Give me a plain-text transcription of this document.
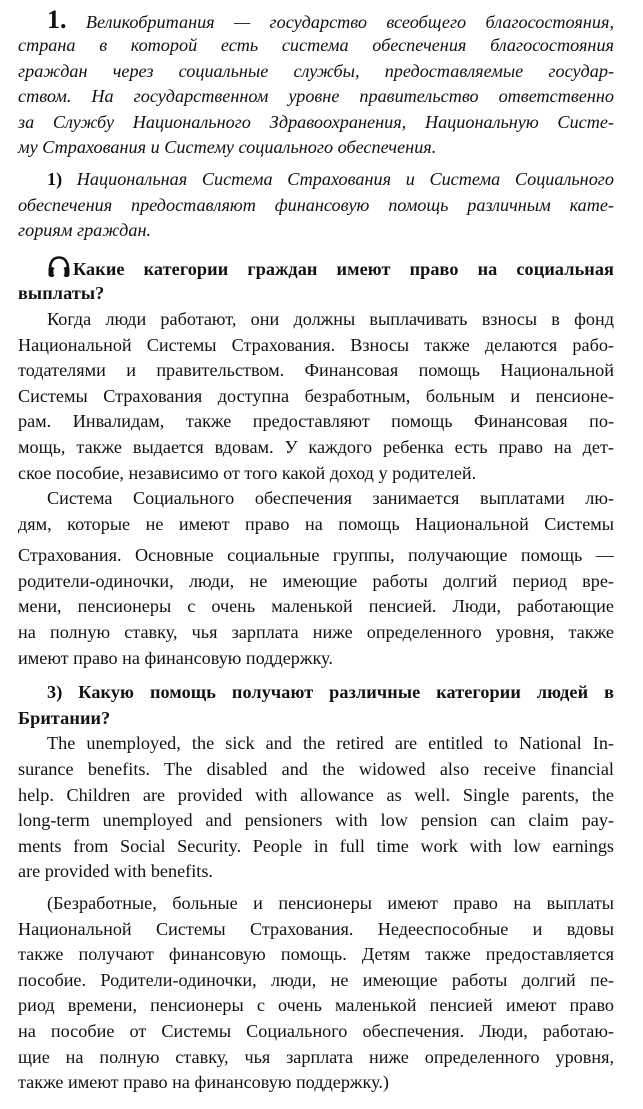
1. Великобритания — государство всеобщего благосостояния,
страна в которой есть система обеспечения благосостояния
граждан через социальные службы, предоставляемые государ-
ством. На государственном уровне правительство ответственно
за Службу Национального Здравоохранения, Национальную Систе-
му Страхования и Систему социального обеспечения.
1) Национальная Система Страхования и Система Социального
обеспечения предоставляют финансовую помощь различным кате-
гориям граждан.
Какие категории граждан имеют право на социальная
выплаты?
Когда люди работают, они должны выплачивать взносы в фонд
Национальной Системы Страхования. Взносы также делаются рабо-
тодателями и правительством. Финансовая помощь Национальной
Системы Страхования доступна безработным, больным и пенсионе-
рам. Инвалидам, также предоставляют помощь Финансовая по-
мощь, также выдается вдовам. У каждого ребенка есть право на дет-
ское пособие, независимо от того какой доход у родителей.
Система Социального обеспечения занимается выплатами лю-
дям, которые не имеют право на помощь Национальной Системы
Страхования. Основные социальные группы, получающие помощь —
родители-одиночки, люди, не имеющие работы долгий период вре-
мени, пенсионеры с очень маленькой пенсией. Люди, работающие
на полную ставку, чья зарплата ниже определенного уровня, также
имеют право на финансовую поддержку.
3) Какую помощь получают различные категории людей в
Британии?
The unemployed, the sick and the retired are entitled to National In-
surance benefits. The disabled and the widowed also receive financial
help. Children are provided with allowance as well. Single parents, the
long-term unemployed and pensioners with low pension can claim pay-
ments from Social Security. People in full time work with low earnings
are provided with benefits.
(Безработные, больные и пенсионеры имеют право на выплаты
Национальной Системы Страхования. Недееспособные и вдовы
также получают финансовую помощь. Детям также предоставляется
пособие. Родители-одиночки, люди, не имеющие работы долгий пе-
риод времени, пенсионеры с очень маленькой пенсией имеют право
на пособие от Системы Социального обеспечения. Люди, работаю-
щие на полную ставку, чья зарплата ниже определенного уровня,
также имеют право на финансовую поддержку.)
